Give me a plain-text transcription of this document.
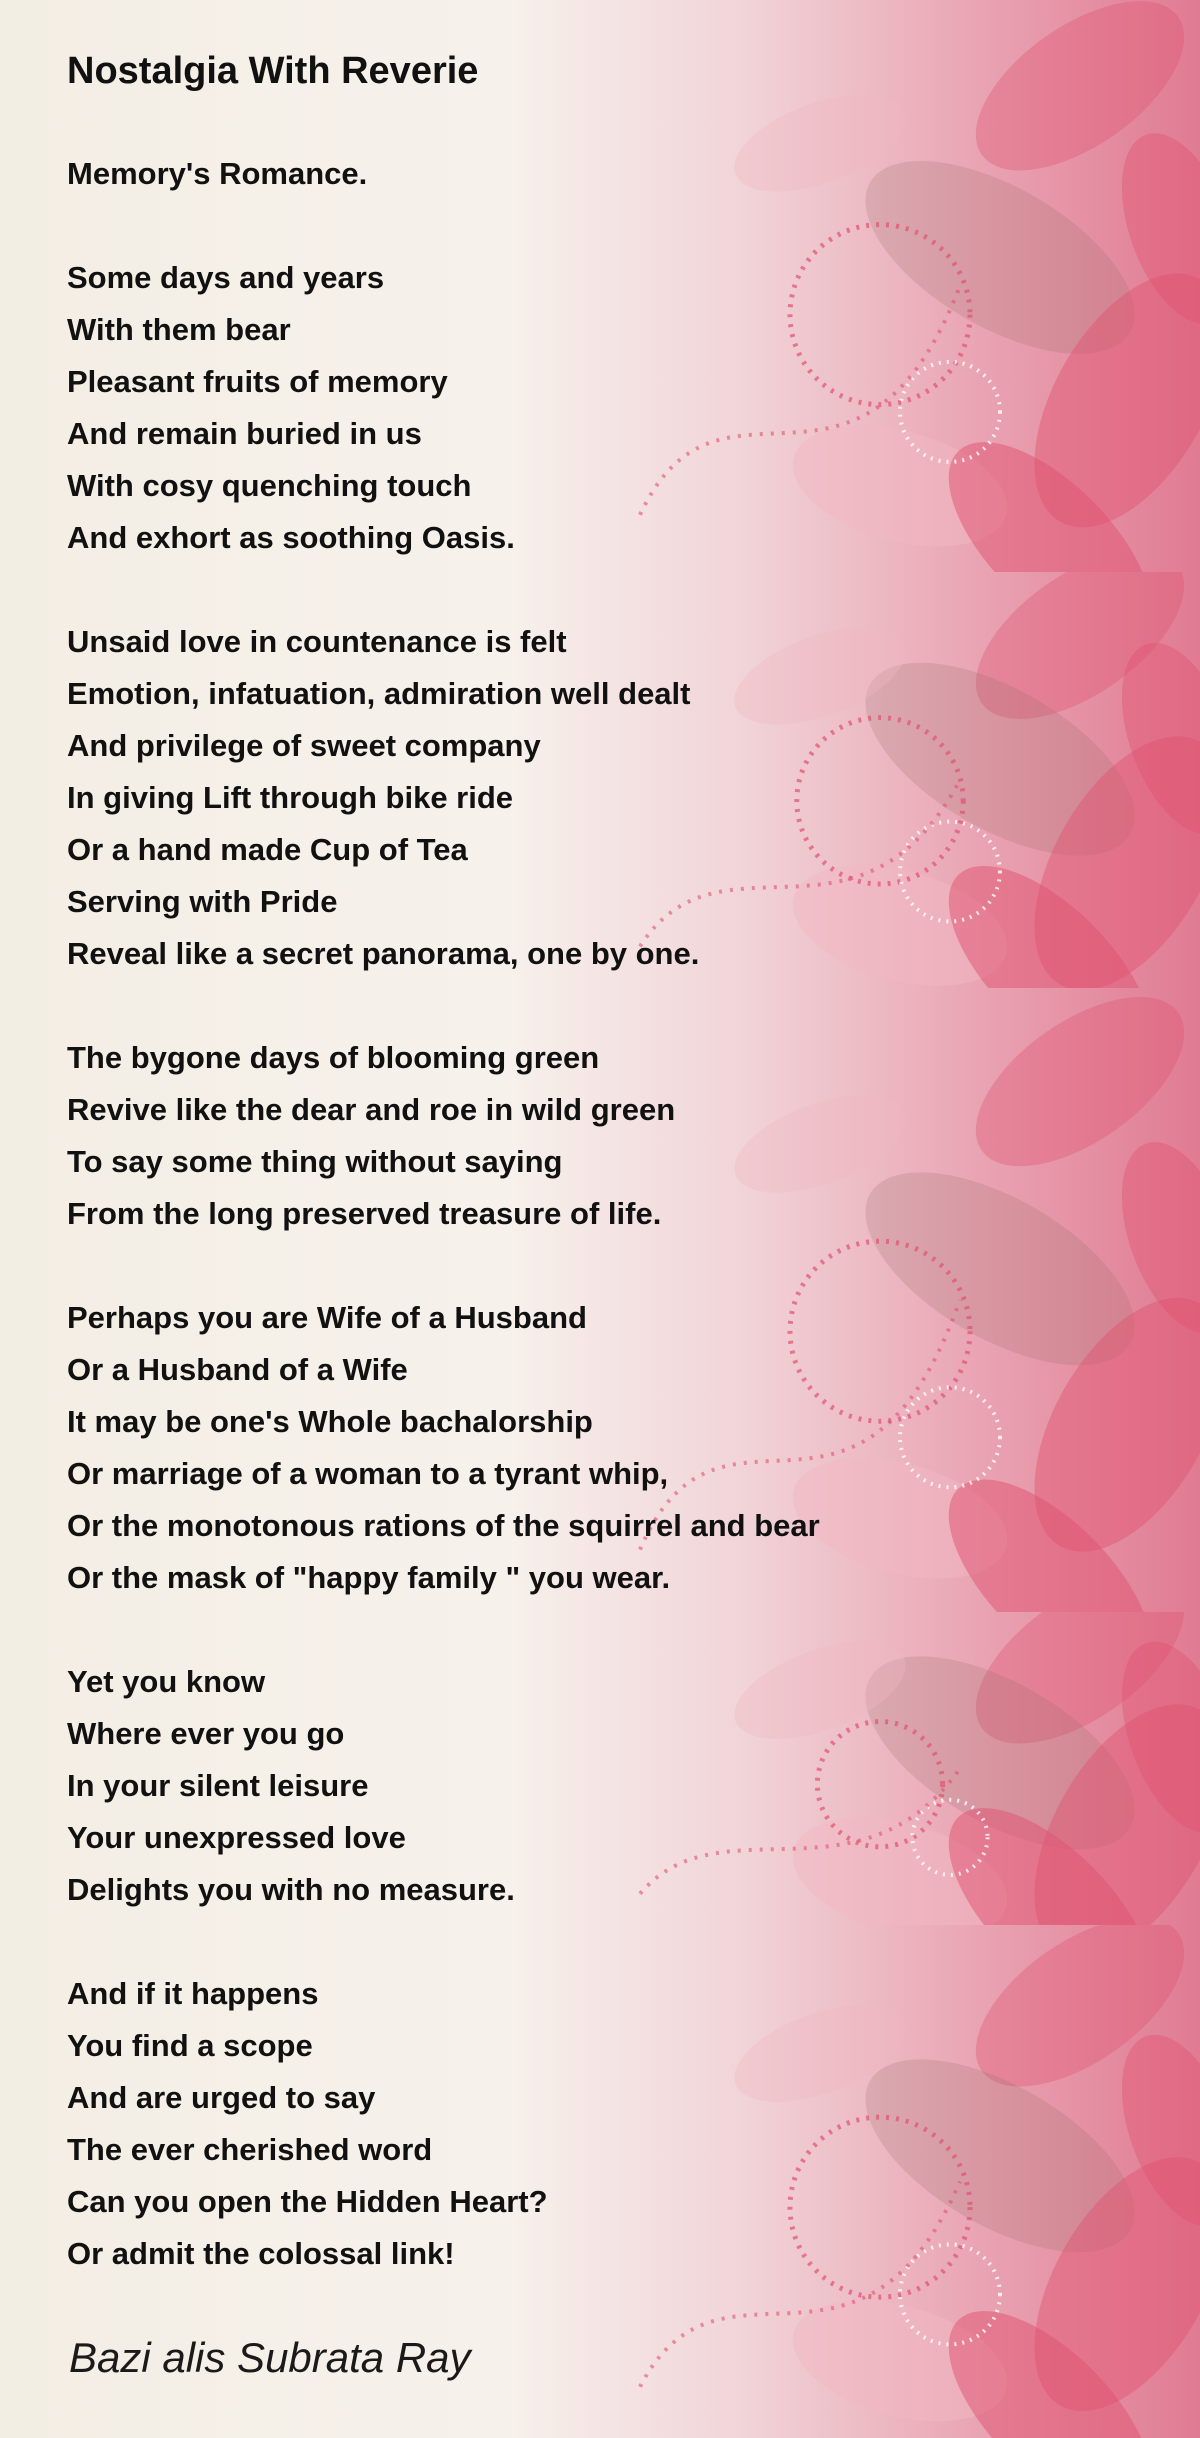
Nostalgia With Reverie
Memory's Romance.
Some days and years
With them bear
Pleasant fruits of memory
And remain buried in us
With cosy quenching touch
And exhort as soothing Oasis.
Unsaid love in countenance is felt
Emotion, infatuation, admiration well dealt
And privilege of sweet company
In giving Lift through bike ride
Or a hand made Cup of Tea
Serving with Pride
Reveal like a secret panorama, one by one.
The bygone days of blooming green
Revive like the dear and roe in wild green
To say some thing without saying
From the long preserved treasure of life.
Perhaps you are Wife of a Husband
Or a Husband of a Wife
It may be one's Whole bachalorship
Or marriage of a woman to a tyrant whip,
Or the monotonous rations of the squirrel and bear
Or the mask of "happy family " you wear.
Yet you know
Where ever you go
In your silent leisure
Your unexpressed love
Delights you with no measure.
And if it happens
You find a scope
And are urged to say
The ever cherished word
Can you open the Hidden Heart?
Or admit the colossal link!
Bazi alis Subrata Ray
